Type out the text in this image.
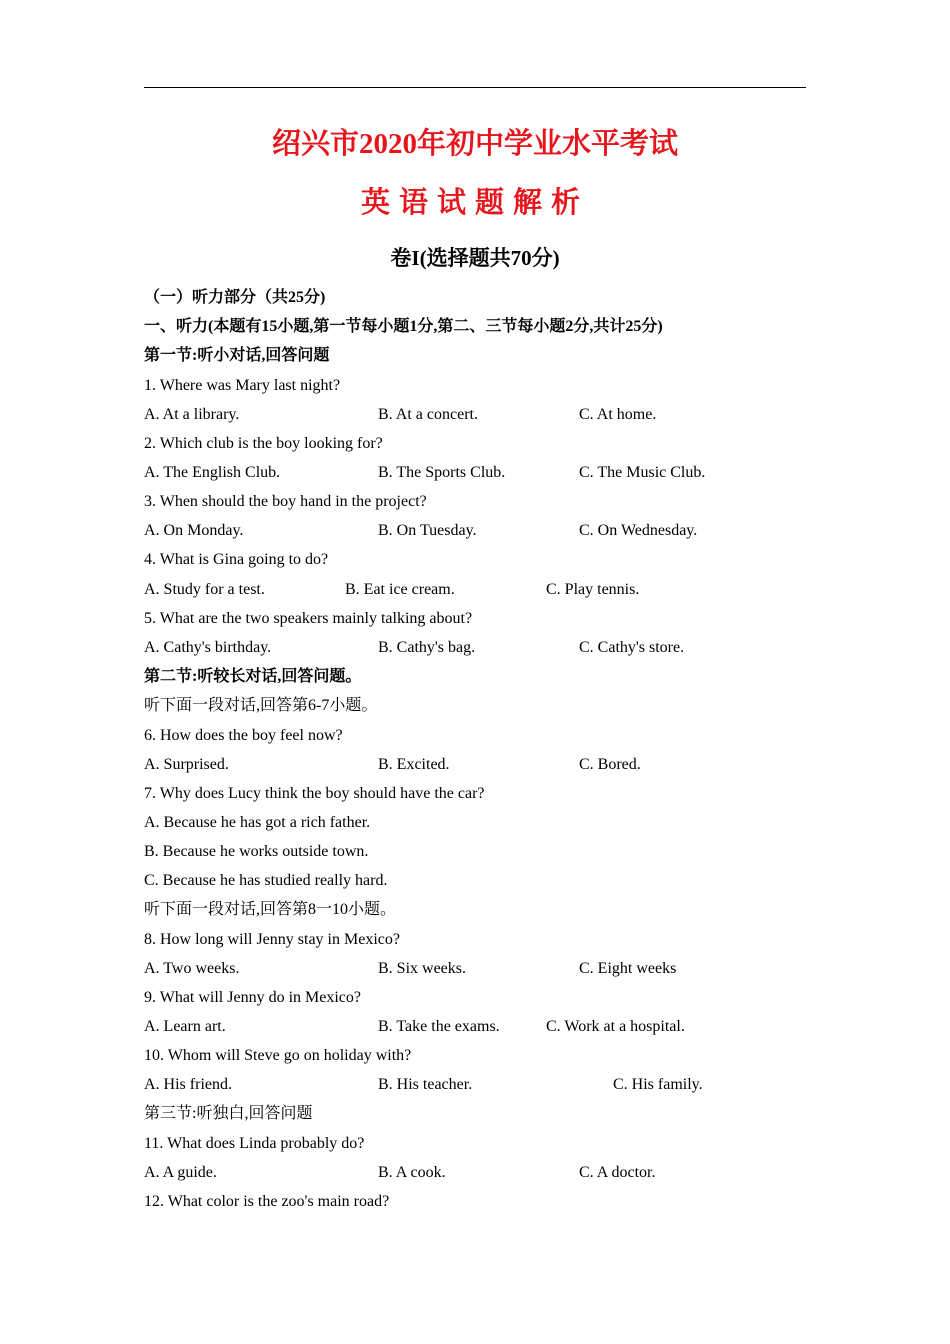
绍兴市2020年初中学业水平考试
英语试题解析
卷I(选择题共70分)
（一）听力部分（共25分)
一、听力(本题有15小题,第一节每小题1分,第二、三节每小题2分,共计25分)
第一节:听小对话,回答问题
1. Where was Mary last night?
A. At a library.	B. At a concert.	C. At home.
2. Which club is the boy looking for?
A. The English Club.	B. The Sports Club.	C. The Music Club.
3. When should the boy hand in the project?
A. On Monday.	B. On Tuesday.	C. On Wednesday.
4. What is Gina going to do?
A. Study for a test.	B. Eat ice cream.	C. Play tennis.
5. What are the two speakers mainly talking about?
A. Cathy's birthday.	B. Cathy's bag.	C. Cathy's store.
第二节:听较长对话,回答问题。
听下面一段对话,回答第6-7小题。
6. How does the boy feel now?
A. Surprised.	B. Excited.	C. Bored.
7. Why does Lucy think the boy should have the car?
A. Because he has got a rich father.
B. Because he works outside town.
C. Because he has studied really hard.
听下面一段对话,回答第8一10小题。
8. How long will Jenny stay in Mexico?
A. Two weeks.	B. Six weeks.	C. Eight weeks
9. What will Jenny do in Mexico?
A. Learn art.	B. Take the exams.	C. Work at a hospital.
10. Whom will Steve go on holiday with?
A. His friend.	B. His teacher.	C. His family.
第三节:听独白,回答问题
11. What does Linda probably do?
A. A guide.	B. A cook.	C. A doctor.
12. What color is the zoo's main road?
